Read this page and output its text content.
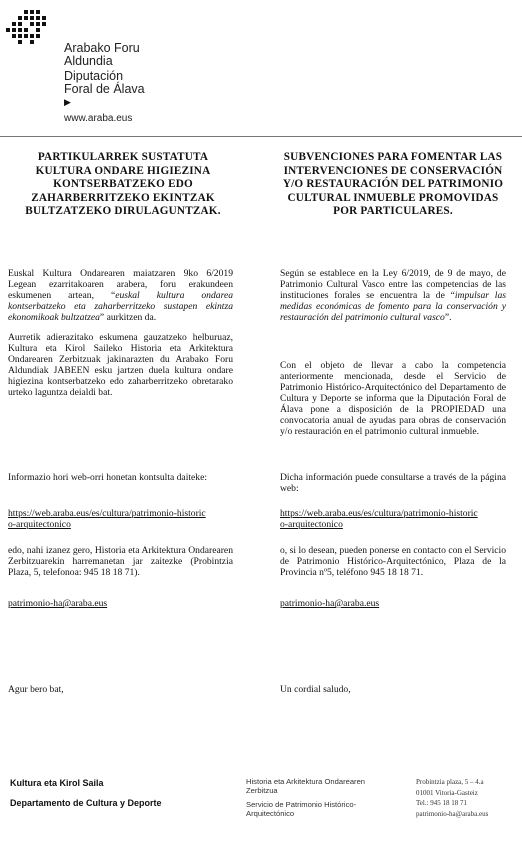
Arabako Foru
Aldundia
Diputación
Foral de Álava
▶
www.araba.eus
PARTIKULARREK SUSTATUTA KULTURA ONDARE HIGIEZINA KONTSERBATZEKO EDO ZAHARBERRITZEKO EKINTZAK BULTZATZEKO DIRULAGUNTZAK.
SUBVENCIONES PARA FOMENTAR LAS INTERVENCIONES DE CONSERVACIÓN Y/O RESTAURACIÓN DEL PATRIMONIO CULTURAL INMUEBLE PROMOVIDAS POR PARTICULARES.

Euskal Kultura Ondarearen maiatzaren 9ko 6/2019 Legean ezarritakoaren arabera, foru erakundeen eskumenen artean, “euskal kultura ondarea kontserbatzeko eta zaharberritzeko sustapen ekintza ekonomikoak bultzatzea” aurkitzen da.

Aurretik adierazitako eskumena gauzatzeko helburuaz, Kultura eta Kirol Saileko Historia eta Arkitektura Ondarearen Zerbitzuak jakinarazten du Arabako Foru Aldundiak JABEEN esku jartzen duela kultura ondare higiezina kontserbatzeko edo zaharberritzeko obretarako urteko laguntza deialdi bat.

Informazio hori web-orri honetan kontsulta daiteke:

https://web.araba.eus/es/cultura/patrimonio-historico-arquitectonico

edo, nahi izanez gero, Historia eta Arkitektura Ondarearen Zerbitzuarekin harremanetan jar zaitezke (Probintzia Plaza, 5, telefonoa: 945 18 18 71).

patrimonio-ha@araba.eus
Agur bero bat,

Según se establece en la Ley 6/2019, de 9 de mayo, de Patrimonio Cultural Vasco entre las competencias de las instituciones forales se encuentra la de “impulsar las medidas económicas de fomento para la conservación y restauración del patrimonio cultural vasco”.

Con el objeto de llevar a cabo la competencia anteriormente mencionada, desde el Servicio de Patrimonio Histórico-Arquitectónico del Departamento de Cultura y Deporte se informa que la Diputación Foral de Álava pone a disposición de la PROPIEDAD una convocatoria anual de ayudas para obras de conservación y/o restauración en el patrimonio cultural inmueble.

Dicha información puede consultarse a través de la página web:

https://web.araba.eus/es/cultura/patrimonio-historico-arquitectonico

o, si lo desean, pueden ponerse en contacto con el Servicio de Patrimonio Histórico-Arquitectónico, Plaza de la Provincia nº5, teléfono 945 18 18 71.

patrimonio-ha@araba.eus
Un cordial saludo,
Kultura eta Kirol Saila
Departamento de Cultura y Deporte
Historia eta Arkitektura Ondarearen Zerbitzua
Servicio de Patrimonio Histórico-Arquitectónico
Probintzia plaza, 5 – 4.a
01001 Vitoria-Gasteiz
Tel.: 945 18 18 71
patrimonio-ha@araba.eus
